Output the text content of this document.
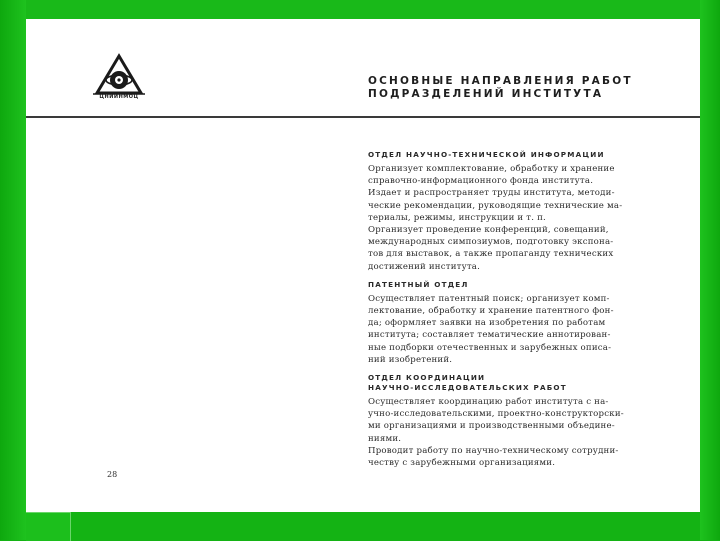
ЦНИИНМОЦ
ОСНОВНЫЕ НАПРАВЛЕНИЯ РАБОТ
ПОДРАЗДЕЛЕНИЙ ИНСТИТУТА
ОТДЕЛ НАУЧНО-ТЕХНИЧЕСКОЙ ИНФОРМАЦИИ
Организует комплектование, обработку и хранение
справочно-информационного фонда института.
Издает и распространяет труды института, методи-
ческие рекомендации, руководящие технические ма-
териалы, режимы, инструкции и т. п.
Организует проведение конференций, совещаний,
международных симпозиумов, подготовку экспона-
тов для выставок, а также пропаганду технических
достижений института.
ПАТЕНТНЫЙ ОТДЕЛ
Осуществляет патентный поиск; организует комп-
лектование, обработку и хранение патентного фон-
да; оформляет заявки на изобретения по работам
института; составляет тематические аннотирован-
ные подборки отечественных и зарубежных описа-
ний изобретений.
ОТДЕЛ КООРДИНАЦИИ
НАУЧНО-ИССЛЕДОВАТЕЛЬСКИХ РАБОТ
Осуществляет координацию работ института с на-
учно-исследовательскими, проектно-конструкторски-
ми организациями и производственными объедине-
ниями.
Проводит работу по научно-техническому сотрудни-
честву с зарубежными организациями.
28
